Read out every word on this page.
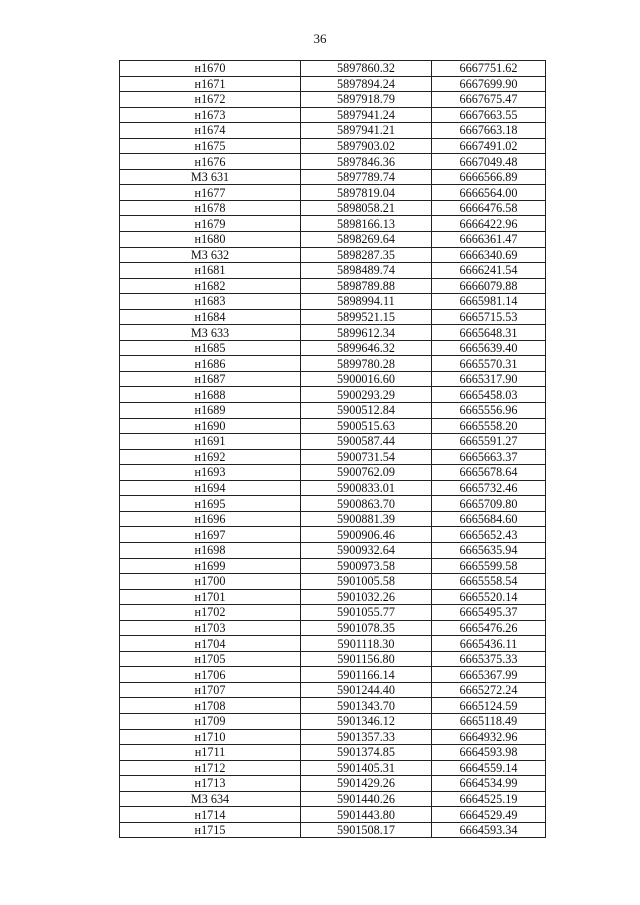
36
н1670	5897860.32	6667751.62
н1671	5897894.24	6667699.90
н1672	5897918.79	6667675.47
н1673	5897941.24	6667663.55
н1674	5897941.21	6667663.18
н1675	5897903.02	6667491.02
н1676	5897846.36	6667049.48
МЗ 631	5897789.74	6666566.89
н1677	5897819.04	6666564.00
н1678	5898058.21	6666476.58
н1679	5898166.13	6666422.96
н1680	5898269.64	6666361.47
МЗ 632	5898287.35	6666340.69
н1681	5898489.74	6666241.54
н1682	5898789.88	6666079.88
н1683	5898994.11	6665981.14
н1684	5899521.15	6665715.53
МЗ 633	5899612.34	6665648.31
н1685	5899646.32	6665639.40
н1686	5899780.28	6665570.31
н1687	5900016.60	6665317.90
н1688	5900293.29	6665458.03
н1689	5900512.84	6665556.96
н1690	5900515.63	6665558.20
н1691	5900587.44	6665591.27
н1692	5900731.54	6665663.37
н1693	5900762.09	6665678.64
н1694	5900833.01	6665732.46
н1695	5900863.70	6665709.80
н1696	5900881.39	6665684.60
н1697	5900906.46	6665652.43
н1698	5900932.64	6665635.94
н1699	5900973.58	6665599.58
н1700	5901005.58	6665558.54
н1701	5901032.26	6665520.14
н1702	5901055.77	6665495.37
н1703	5901078.35	6665476.26
н1704	5901118.30	6665436.11
н1705	5901156.80	6665375.33
н1706	5901166.14	6665367.99
н1707	5901244.40	6665272.24
н1708	5901343.70	6665124.59
н1709	5901346.12	6665118.49
н1710	5901357.33	6664932.96
н1711	5901374.85	6664593.98
н1712	5901405.31	6664559.14
н1713	5901429.26	6664534.99
МЗ 634	5901440.26	6664525.19
н1714	5901443.80	6664529.49
н1715	5901508.17	6664593.34
